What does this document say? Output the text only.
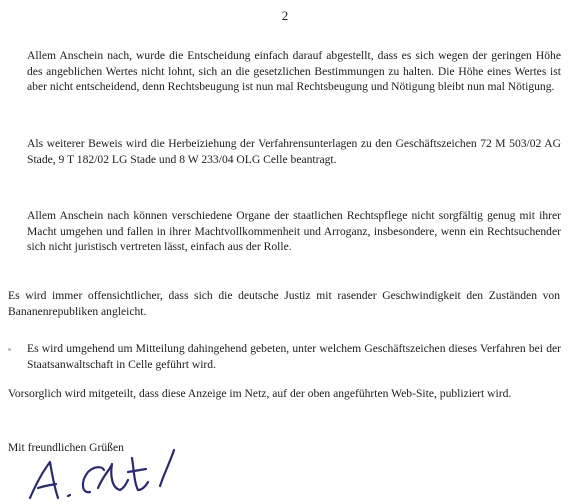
2

Allem Anschein nach, wurde die Entscheidung einfach darauf abgestellt, dass es sich wegen der geringen Höhe des angeblichen Wertes nicht lohnt, sich an die gesetzlichen Bestimmungen zu halten. Die Höhe eines Wertes ist aber nicht entscheidend, denn Rechtsbeugung ist nun mal Rechtsbeugung und Nötigung bleibt nun mal Nötigung.

Als weiterer Beweis wird die Herbeiziehung der Verfahrensunterlagen zu den Geschäftszeichen 72 M 503/02 AG Stade, 9 T 182/02 LG Stade und 8 W 233/04 OLG Celle beantragt.

Allem Anschein nach können verschiedene Organe der staatlichen Rechtspflege nicht sorgfältig genug mit ihrer Macht umgehen und fallen in ihrer Machtvollkommenheit und Arroganz, insbesondere, wenn ein Rechtsuchender sich nicht juristisch vertreten lässt, einfach aus der Rolle.

Es wird immer offensichtlicher, dass sich die deutsche Justiz mit rasender Geschwindigkeit den Zuständen von Bananenrepubliken angleicht.

Es wird umgehend um Mitteilung dahingehend gebeten, unter welchem Geschäftszeichen dieses Verfahren bei der Staatsanwaltschaft in Celle geführt wird.

Vorsorglich wird mitgeteilt, dass diese Anzeige im Netz, auf der oben angeführten Web-Site, publiziert wird.

Mit freundlichen Grüßen
